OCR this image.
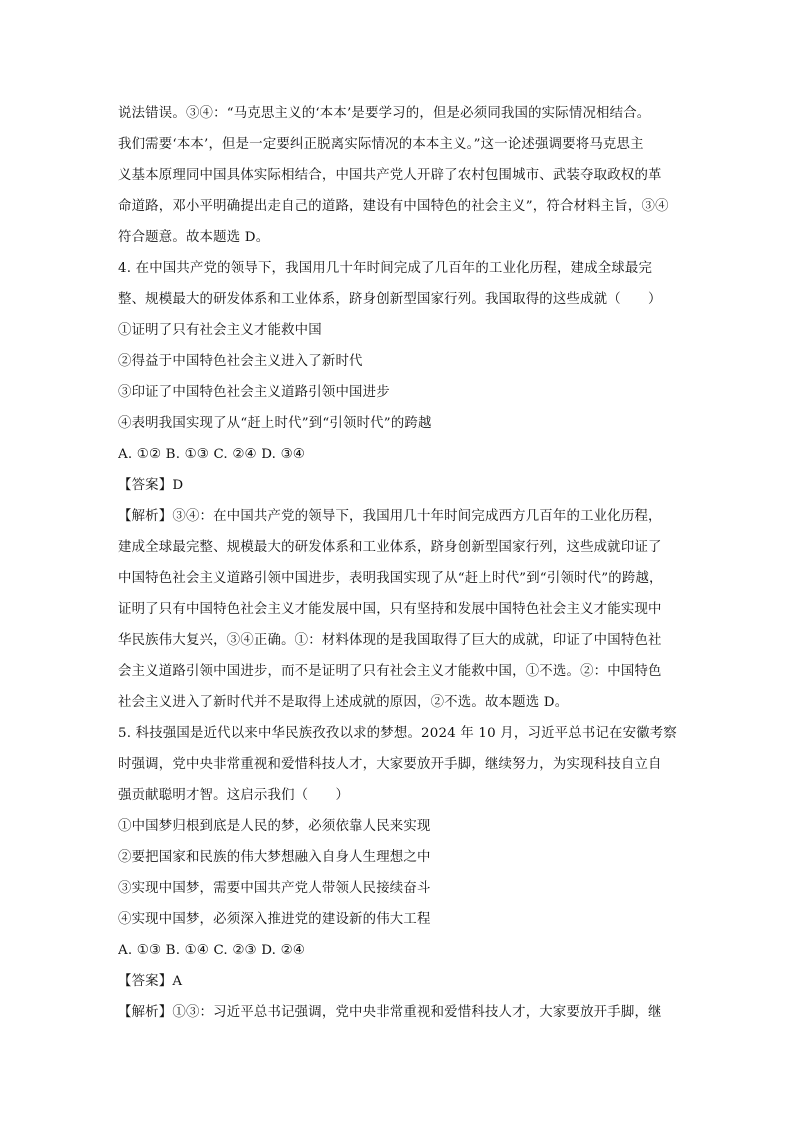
说法错误。③④：“马克思主义的‘本本’是要学习的，但是必须同我国的实际情况相结合。
我们需要‘本本’，但是一定要纠正脱离实际情况的本本主义。”这一论述强调要将马克思主
义基本原理同中国具体实际相结合，中国共产党人开辟了农村包围城市、武装夺取政权的革
命道路，邓小平明确提出走自己的道路，建设有中国特色的社会主义”，符合材料主旨，③④
符合题意。故本题选 D。
4. 在中国共产党的领导下，我国用几十年时间完成了几百年的工业化历程，建成全球最完
整、规模最大的研发体系和工业体系，跻身创新型国家行列。我国取得的这些成就（　　）
①证明了只有社会主义才能救中国
②得益于中国特色社会主义进入了新时代
③印证了中国特色社会主义道路引领中国进步
④表明我国实现了从“赶上时代”到“引领时代”的跨越
A. ①② B. ①③ C. ②④ D. ③④
【答案】D
【解析】③④：在中国共产党的领导下，我国用几十年时间完成西方几百年的工业化历程，
建成全球最完整、规模最大的研发体系和工业体系，跻身创新型国家行列，这些成就印证了
中国特色社会主义道路引领中国进步，表明我国实现了从“赶上时代”到“引领时代”的跨越，
证明了只有中国特色社会主义才能发展中国，只有坚持和发展中国特色社会主义才能实现中
华民族伟大复兴，③④正确。①：材料体现的是我国取得了巨大的成就，印证了中国特色社
会主义道路引领中国进步，而不是证明了只有社会主义才能救中国，①不选。②：中国特色
社会主义进入了新时代并不是取得上述成就的原因，②不选。故本题选 D。
5. 科技强国是近代以来中华民族孜孜以求的梦想。2024 年 10 月，习近平总书记在安徽考察
时强调，党中央非常重视和爱惜科技人才，大家要放开手脚，继续努力，为实现科技自立自
强贡献聪明才智。这启示我们（　　）
①中国梦归根到底是人民的梦，必须依靠人民来实现
②要把国家和民族的伟大梦想融入自身人生理想之中
③实现中国梦，需要中国共产党人带领人民接续奋斗
④实现中国梦，必须深入推进党的建设新的伟大工程
A. ①③ B. ①④ C. ②③ D. ②④
【答案】A
【解析】①③：习近平总书记强调，党中央非常重视和爱惜科技人才，大家要放开手脚，继
